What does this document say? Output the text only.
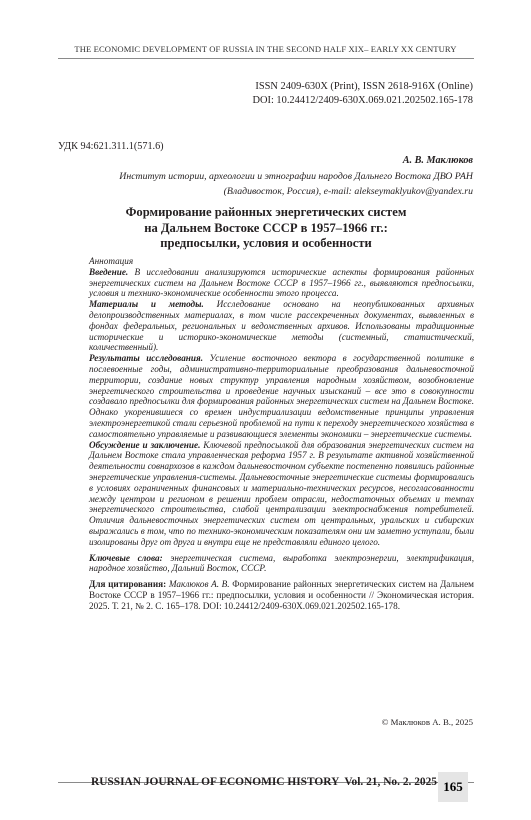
THE ECONOMIC DEVELOPMENT OF RUSSIA IN THE SECOND HALF XIX– EARLY XX CENTURY
ISSN 2409-630X (Print), ISSN 2618-916X (Online)
DOI: 10.24412/2409-630X.069.021.202502.165-178
УДК 94:621.311.1(571.6)
А. В. Маклюков
Институт истории, археологии и этнографии народов Дальнего Востока ДВО РАН
(Владивосток, Россия), e-mail: alekseymaklyukov@yandex.ru
Формирование районных энергетических систем
на Дальнем Востоке СССР в 1957–1966 гг.:
предпосылки, условия и особенности

Аннотация

Введение. В исследовании анализируются исторические аспекты формирования районных энергетических систем на Дальнем Востоке СССР в 1957–1966 гг., выявляются предпосылки, условия и технико-экономические особенности этого процесса.

Материалы и методы. Исследование основано на неопубликованных архивных делопроизводственных материалах, в том числе рассекреченных документах, выявленных в фондах федеральных, региональных и ведомственных архивов. Использованы традиционные исторические и историко-экономические методы (системный, статистический, количественный).

Результаты исследования. Усиление восточного вектора в государственной политике в послевоенные годы, административно-территориальные преобразования дальневосточной территории, создание новых структур управления народным хозяйством, возобновление энергетического строительства и проведение научных изысканий – все это в совокупности создавало предпосылки для формирования районных энергетических систем на Дальнем Востоке. Однако укоренившиеся со времен индустриализации ведомственные принципы управления электроэнергетикой стали серьезной проблемой на пути к переходу энергетического хозяйства в самостоятельно управляемые и развивающиеся элементы экономики – энергетические системы.

Обсуждение и заключение. Ключевой предпосылкой для образования энергетических систем на Дальнем Востоке стала управленческая реформа 1957 г. В результате активной хозяйственной деятельности совнархозов в каждом дальневосточном субъекте постепенно появились районные энергетические управления-системы. Дальневосточные энергетические системы формировались в условиях ограниченных финансовых и материально-технических ресурсов, несогласованности между центром и регионом в решении проблем отрасли, недостаточных объемах и темпах энергетического строительства, слабой централизации электроснабжения потребителей. Отличия дальневосточных энергетических систем от центральных, уральских и сибирских выражались в том, что по технико-экономическим показателям они им заметно уступали, были изолированы друг от друга и внутри еще не представляли единого целого.

Ключевые слова: энергетическая система, выработка электроэнергии, электрификация, народное хозяйство, Дальний Восток, СССР.

Для цитирования: Маклюков А. В. Формирование районных энергетических систем на Дальнем Востоке СССР в 1957–1966 гг.: предпосылки, условия и особенности // Экономическая история. 2025. Т. 21, № 2. С. 165–178. DOI: 10.24412/2409-630X.069.021.202502.165-178.

© Маклюков А. В., 2025
RUSSIAN JOURNAL OF ECONOMIC HISTORY  Vol. 21, No. 2. 2025 165
